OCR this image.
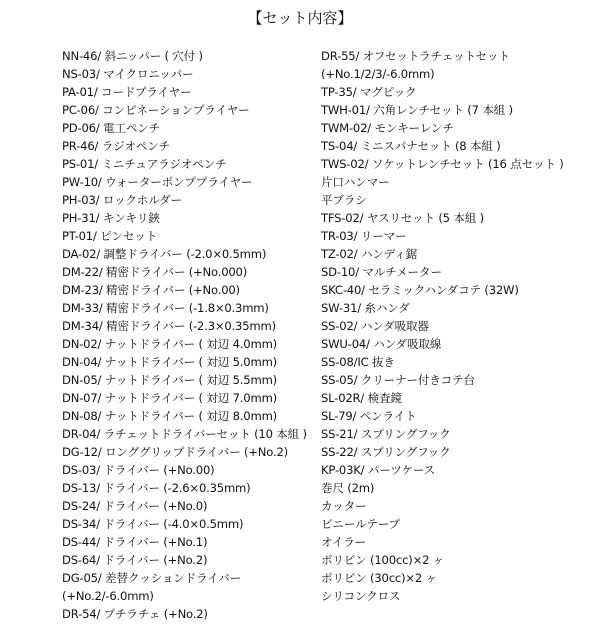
【セット内容】
NN-46/ 斜ニッパー ( 穴付 )
NS-03/ マイクロニッパー
PA-01/ コードプライヤー
PC-06/ コンビネーションプライヤー
PD-06/ 電工ペンチ
PR-46/ ラジオペンチ
PS-01/ ミニチュアラジオペンチ
PW-10/ ウォーターポンププライヤー
PH-03/ ロックホルダー
PH-31/ キンキリ鋏
PT-01/ ピンセット
DA-02/ 調整ドライバー (-2.0×0.5mm)
DM-22/ 精密ドライバー (+No.000)
DM-23/ 精密ドライバー (+No.00)
DM-33/ 精密ドライバー (-1.8×0.3mm)
DM-34/ 精密ドライバー (-2.3×0.35mm)
DN-02/ ナットドライバー ( 対辺 4.0mm)
DN-04/ ナットドライバー ( 対辺 5.0mm)
DN-05/ ナットドライバー ( 対辺 5.5mm)
DN-07/ ナットドライバー ( 対辺 7.0mm)
DN-08/ ナットドライバー ( 対辺 8.0mm)
DR-04/ ラチェットドライバーセット (10 本組 )
DG-12/ ロンググリップドライバー (+No.2)
DS-03/ ドライバー (+No.00)
DS-13/ ドライバー (-2.6×0.35mm)
DS-24/ ドライバー (+No.0)
DS-34/ ドライバー (-4.0×0.5mm)
DS-44/ ドライバー (+No.1)
DS-64/ ドライバー (+No.2)
DG-05/ 差替クッションドライバー
(+No.2/-6.0mm)
DR-54/ プチラチェ (+No.2)
DR-55/ オフセットラチェットセット
(+No.1/2/3/-6.0mm)
TP-35/ マグピック
TWH-01/ 六角レンチセット (7 本組 )
TWM-02/ モンキーレンチ
TS-04/ ミニスパナセット (8 本組 )
TWS-02/ ソケットレンチセット (16 点セット )
片口ハンマー
平ブラシ
TFS-02/ ヤスリセット (5 本組 )
TR-03/ リーマー
TZ-02/ ハンディ鋸
SD-10/ マルチメーター
SKC-40/ セラミックハンダコテ (32W)
SW-31/ 糸ハンダ
SS-02/ ハンダ吸取器
SWU-04/ ハンダ吸取線
SS-08/IC 抜き
SS-05/ クリーナー付きコテ台
SL-02R/ 検査鏡
SL-79/ ペンライト
SS-21/ スプリングフック
SS-22/ スプリングフック
KP-03K/ パーツケース
巻尺 (2m)
カッター
ビニールテープ
オイラー
ポリビン (100cc)×2 ヶ
ポリビン (30cc)×2 ヶ
シリコンクロス
